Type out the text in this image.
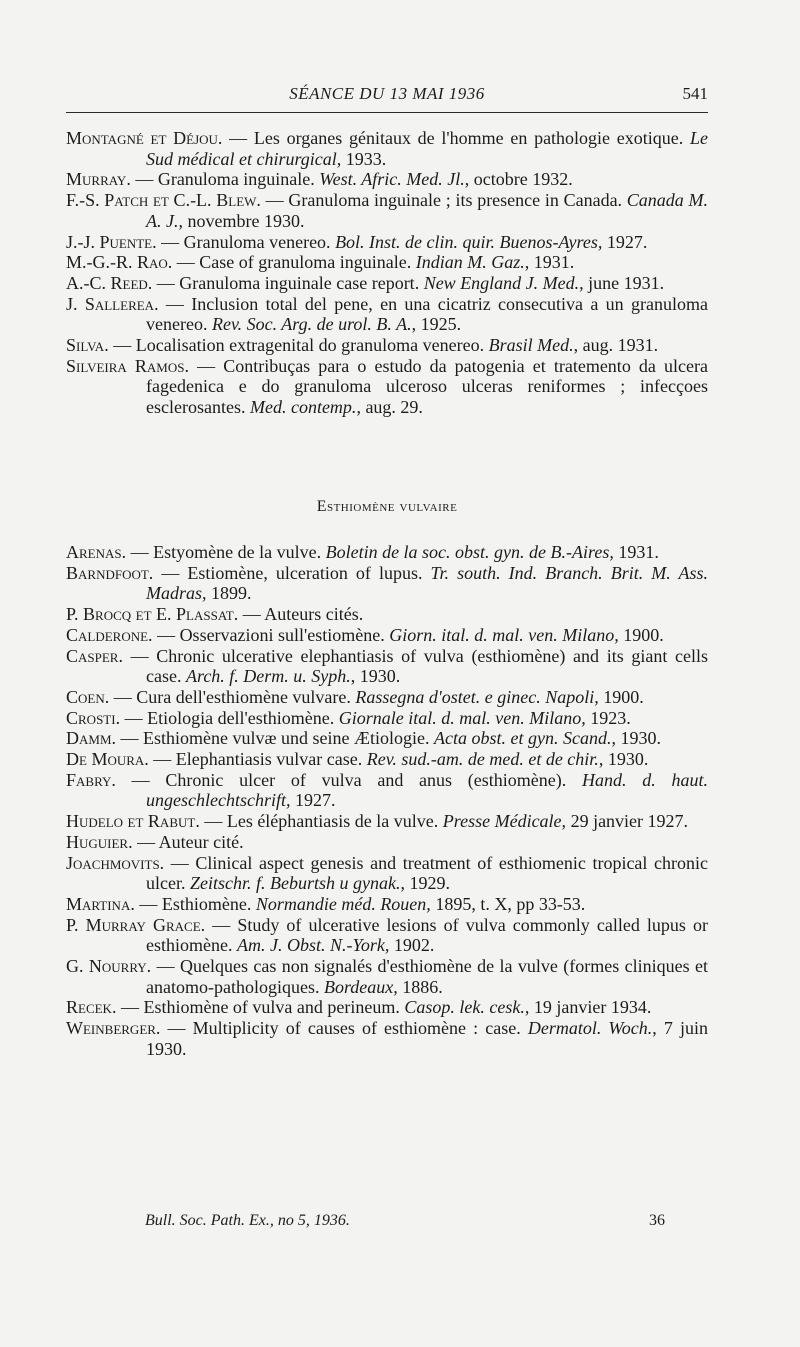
SÉANCE DU 13 MAI 1936	541

Montagné et Déjou. — Les organes génitaux de l'homme en pathologie exotique. Le Sud médical et chirurgical, 1933.

Murray. — Granuloma inguinale. West. Afric. Med. Jl., octobre 1932.

F.-S. Patch et C.-L. Blew. — Granuloma inguinale ; its presence in Canada. Canada M. A. J., novembre 1930.

J.-J. Puente. — Granuloma venereo. Bol. Inst. de clin. quir. Buenos-Ayres, 1927.

M.-G.-R. Rao. — Case of granuloma inguinale. Indian M. Gaz., 1931.

A.-C. Reed. — Granuloma inguinale case report. New England J. Med., june 1931.

J. Sallerea. — Inclusion total del pene, en una cicatriz consecutiva a un granuloma venereo. Rev. Soc. Arg. de urol. B. A., 1925.

Silva. — Localisation extragenital do granuloma venereo. Brasil Med., aug. 1931.

Silveira Ramos. — Contribuças para o estudo da patogenia et tratemento da ulcera fagedenica e do granuloma ulceroso ulceras reniformes ; infecçoes esclerosantes. Med. contemp., aug. 29.

Esthiomène vulvaire

Arenas. — Estyomène de la vulve. Boletin de la soc. obst. gyn. de B.-Aires, 1931.

Barndfoot. — Estiomène, ulceration of lupus. Tr. south. Ind. Branch. Brit. M. Ass. Madras, 1899.

P. Brocq et E. Plassat. — Auteurs cités.

Calderone. — Osservazioni sull'estiomène. Giorn. ital. d. mal. ven. Milano, 1900.

Casper. — Chronic ulcerative elephantiasis of vulva (esthiomène) and its giant cells case. Arch. f. Derm. u. Syph., 1930.

Coen. — Cura dell'esthiomène vulvare. Rassegna d'ostet. e ginec. Napoli, 1900.

Crosti. — Etiologia dell'esthiomène. Giornale ital. d. mal. ven. Milano, 1923.

Damm. — Esthiomène vulvæ und seine Ætiologie. Acta obst. et gyn. Scand., 1930.

De Moura. — Elephantiasis vulvar case. Rev. sud.-am. de med. et de chir., 1930.

Fabry. — Chronic ulcer of vulva and anus (esthiomène). Hand. d. haut. ungeschlechtschrift, 1927.

Hudelo et Rabut. — Les éléphantiasis de la vulve. Presse Médicale, 29 janvier 1927.

Huguier. — Auteur cité.

Joachmovits. — Clinical aspect genesis and treatment of esthiomenic tropical chronic ulcer. Zeitschr. f. Beburtsh u gynak., 1929.

Martina. — Esthiomène. Normandie méd. Rouen, 1895, t. X, pp 33-53.

P. Murray Grace. — Study of ulcerative lesions of vulva commonly called lupus or esthiomène. Am. J. Obst. N.-York, 1902.

G. Nourry. — Quelques cas non signalés d'esthiomène de la vulve (formes cliniques et anatomo-pathologiques. Bordeaux, 1886.

Recek. — Esthiomène of vulva and perineum. Casop. lek. cesk., 19 janvier 1934.

Weinberger. — Multiplicity of causes of esthiomène : case. Dermatol. Woch., 7 juin 1930.

Bull. Soc. Path. Ex., no 5, 1936.	36
